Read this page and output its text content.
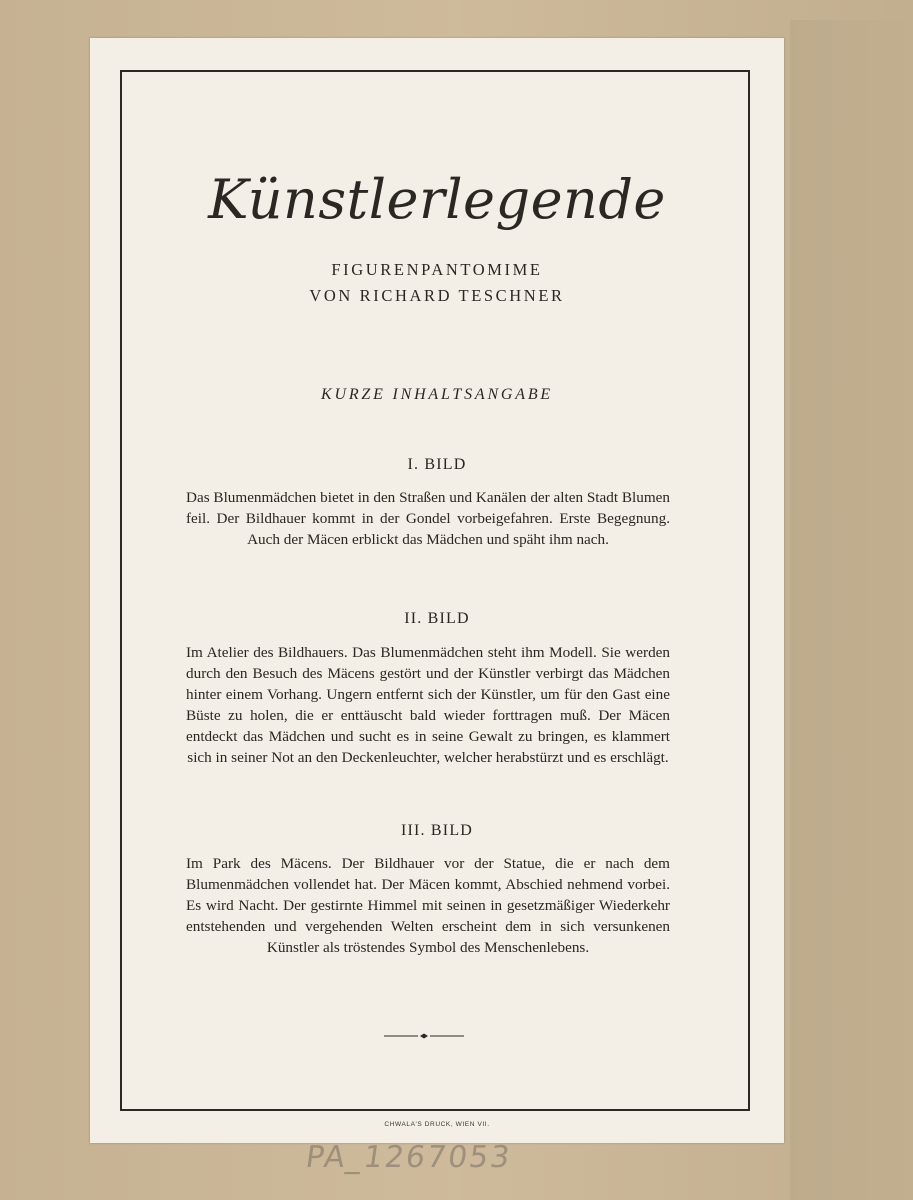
Künstlerlegende
FIGURENPANTOMIME
VON RICHARD TESCHNER
KURZE INHALTSANGABE
I. BILD
Das Blumenmädchen bietet in den Straßen und Kanälen der alten Stadt Blumen feil. Der Bildhauer kommt in der Gondel vorbeigefahren. Erste Begegnung. Auch der Mäcen erblickt das Mädchen und späht ihm nach.
II. BILD
Im Atelier des Bildhauers. Das Blumenmädchen steht ihm Modell. Sie werden durch den Besuch des Mäcens gestört und der Künstler verbirgt das Mädchen hinter einem Vorhang. Ungern entfernt sich der Künstler, um für den Gast eine Büste zu holen, die er enttäuscht bald wieder forttragen muß. Der Mäcen entdeckt das Mädchen und sucht es in seine Gewalt zu bringen, es klammert sich in seiner Not an den Deckenleuchter, welcher herabstürzt und es erschlägt.
III. BILD
Im Park des Mäcens. Der Bildhauer vor der Statue, die er nach dem Blumenmädchen vollendet hat. Der Mäcen kommt, Abschied nehmend vorbei. Es wird Nacht. Der gestirnte Himmel mit seinen in gesetzmäßiger Wiederkehr entstehenden und vergehenden Welten erscheint dem in sich versunkenen Künstler als tröstendes Symbol des Menschenlebens.
CHWALA'S DRUCK, WIEN VII.
PA_1267053
